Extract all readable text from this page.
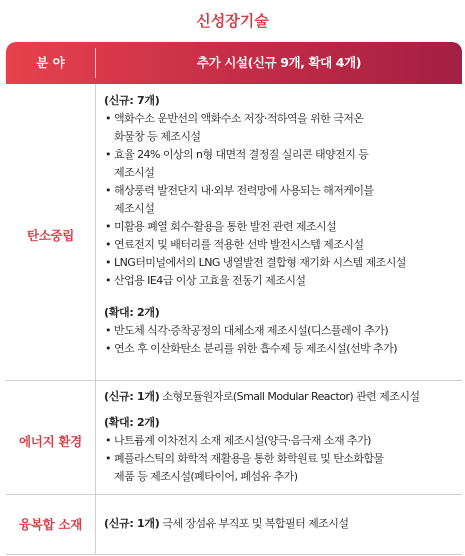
신성장기술
분 야	추가 시설(신규 9개, 확대 4개)
탄소중립
(신규: 7개)
• 액화수소 운반선의 액화수소 저장·적하역을 위한 극저온
화물창 등 제조시설
• 효율 24% 이상의 n형 대면적 결정질 실리콘 태양전지 등
제조시설
• 해상풍력 발전단지 내·외부 전력망에 사용되는 해저케이블
제조시설
• 미활용 폐열 회수·활용을 통한 발전 관련 제조시설
• 연료전지 및 배터리를 적용한 선박 발전시스템 제조시설
• LNG터미널에서의 LNG 냉열발전 결합형 재기화 시스템 제조시설
• 산업용 IE4급 이상 고효율 전동기 제조시설
(확대: 2개)
• 반도체 식각·증착공정의 대체소재 제조시설(디스플레이 추가)
• 연소 후 이산화탄소 분리를 위한 흡수제 등 제조시설(선박 추가)
에너지 환경
(신규: 1개) 소형모듈원자로(Small Modular Reactor) 관련 제조시설
(확대: 2개)
• 나트륨계 이차전지 소재 제조시설(양극·음극재 소재 추가)
• 폐플라스틱의 화학적 재활용을 통한 화학원료 및 탄소화합물
제품 등 제조시설(폐타이어, 폐섬유 추가)
융복합 소재	(신규: 1개) 극세 장섬유 부직포 및 복합필터 제조시설
